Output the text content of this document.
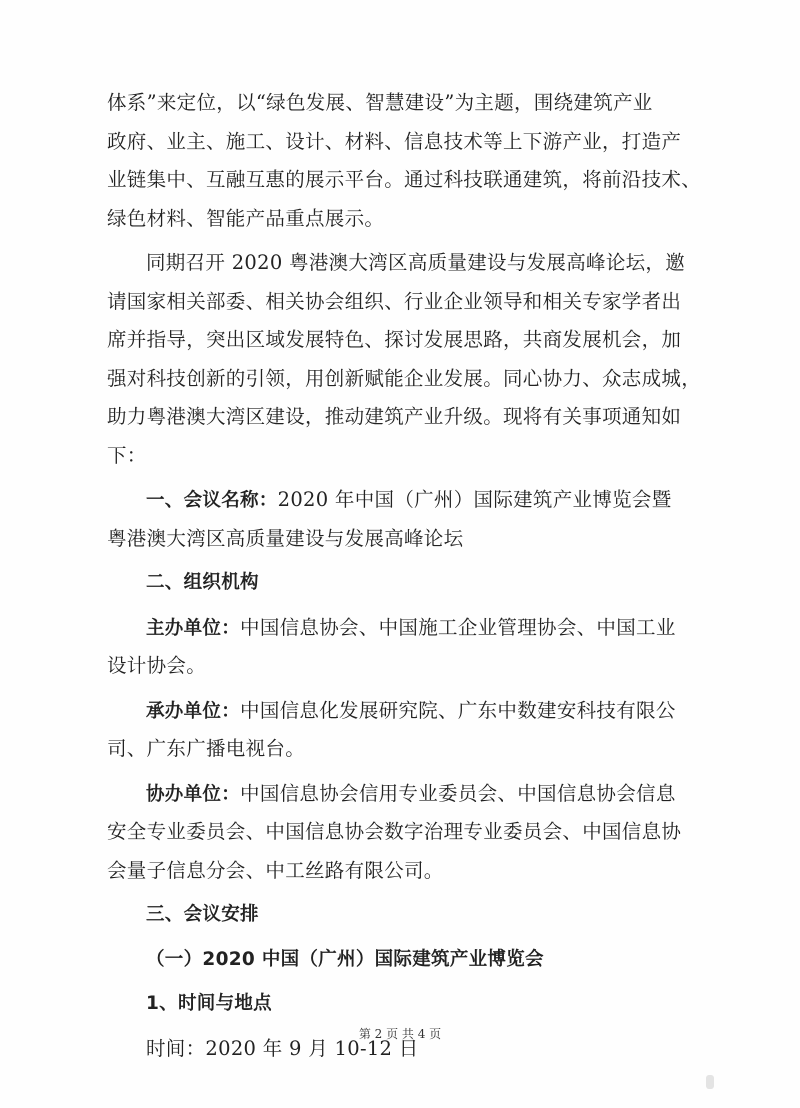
体系”来定位，以“绿色发展、智慧建设”为主题，围绕建筑产业
政府、业主、施工、设计、材料、信息技术等上下游产业，打造产
业链集中、互融互惠的展示平台。通过科技联通建筑，将前沿技术、
绿色材料、智能产品重点展示。
同期召开 2020 粤港澳大湾区高质量建设与发展高峰论坛，邀
请国家相关部委、相关协会组织、行业企业领导和相关专家学者出
席并指导，突出区域发展特色、探讨发展思路，共商发展机会，加
强对科技创新的引领，用创新赋能企业发展。同心协力、众志成城，
助力粤港澳大湾区建设，推动建筑产业升级。现将有关事项通知如
下：
一、会议名称：2020 年中国（广州）国际建筑产业博览会暨
粤港澳大湾区高质量建设与发展高峰论坛
二、组织机构
主办单位：中国信息协会、中国施工企业管理协会、中国工业
设计协会。
承办单位：中国信息化发展研究院、广东中数建安科技有限公
司、广东广播电视台。
协办单位：中国信息协会信用专业委员会、中国信息协会信息
安全专业委员会、中国信息协会数字治理专业委员会、中国信息协
会量子信息分会、中工丝路有限公司。
三、会议安排
（一）2020 中国（广州）国际建筑产业博览会
1、时间与地点
时间：2020 年 9 月 10-12 日
第 2 页 共 4 页
